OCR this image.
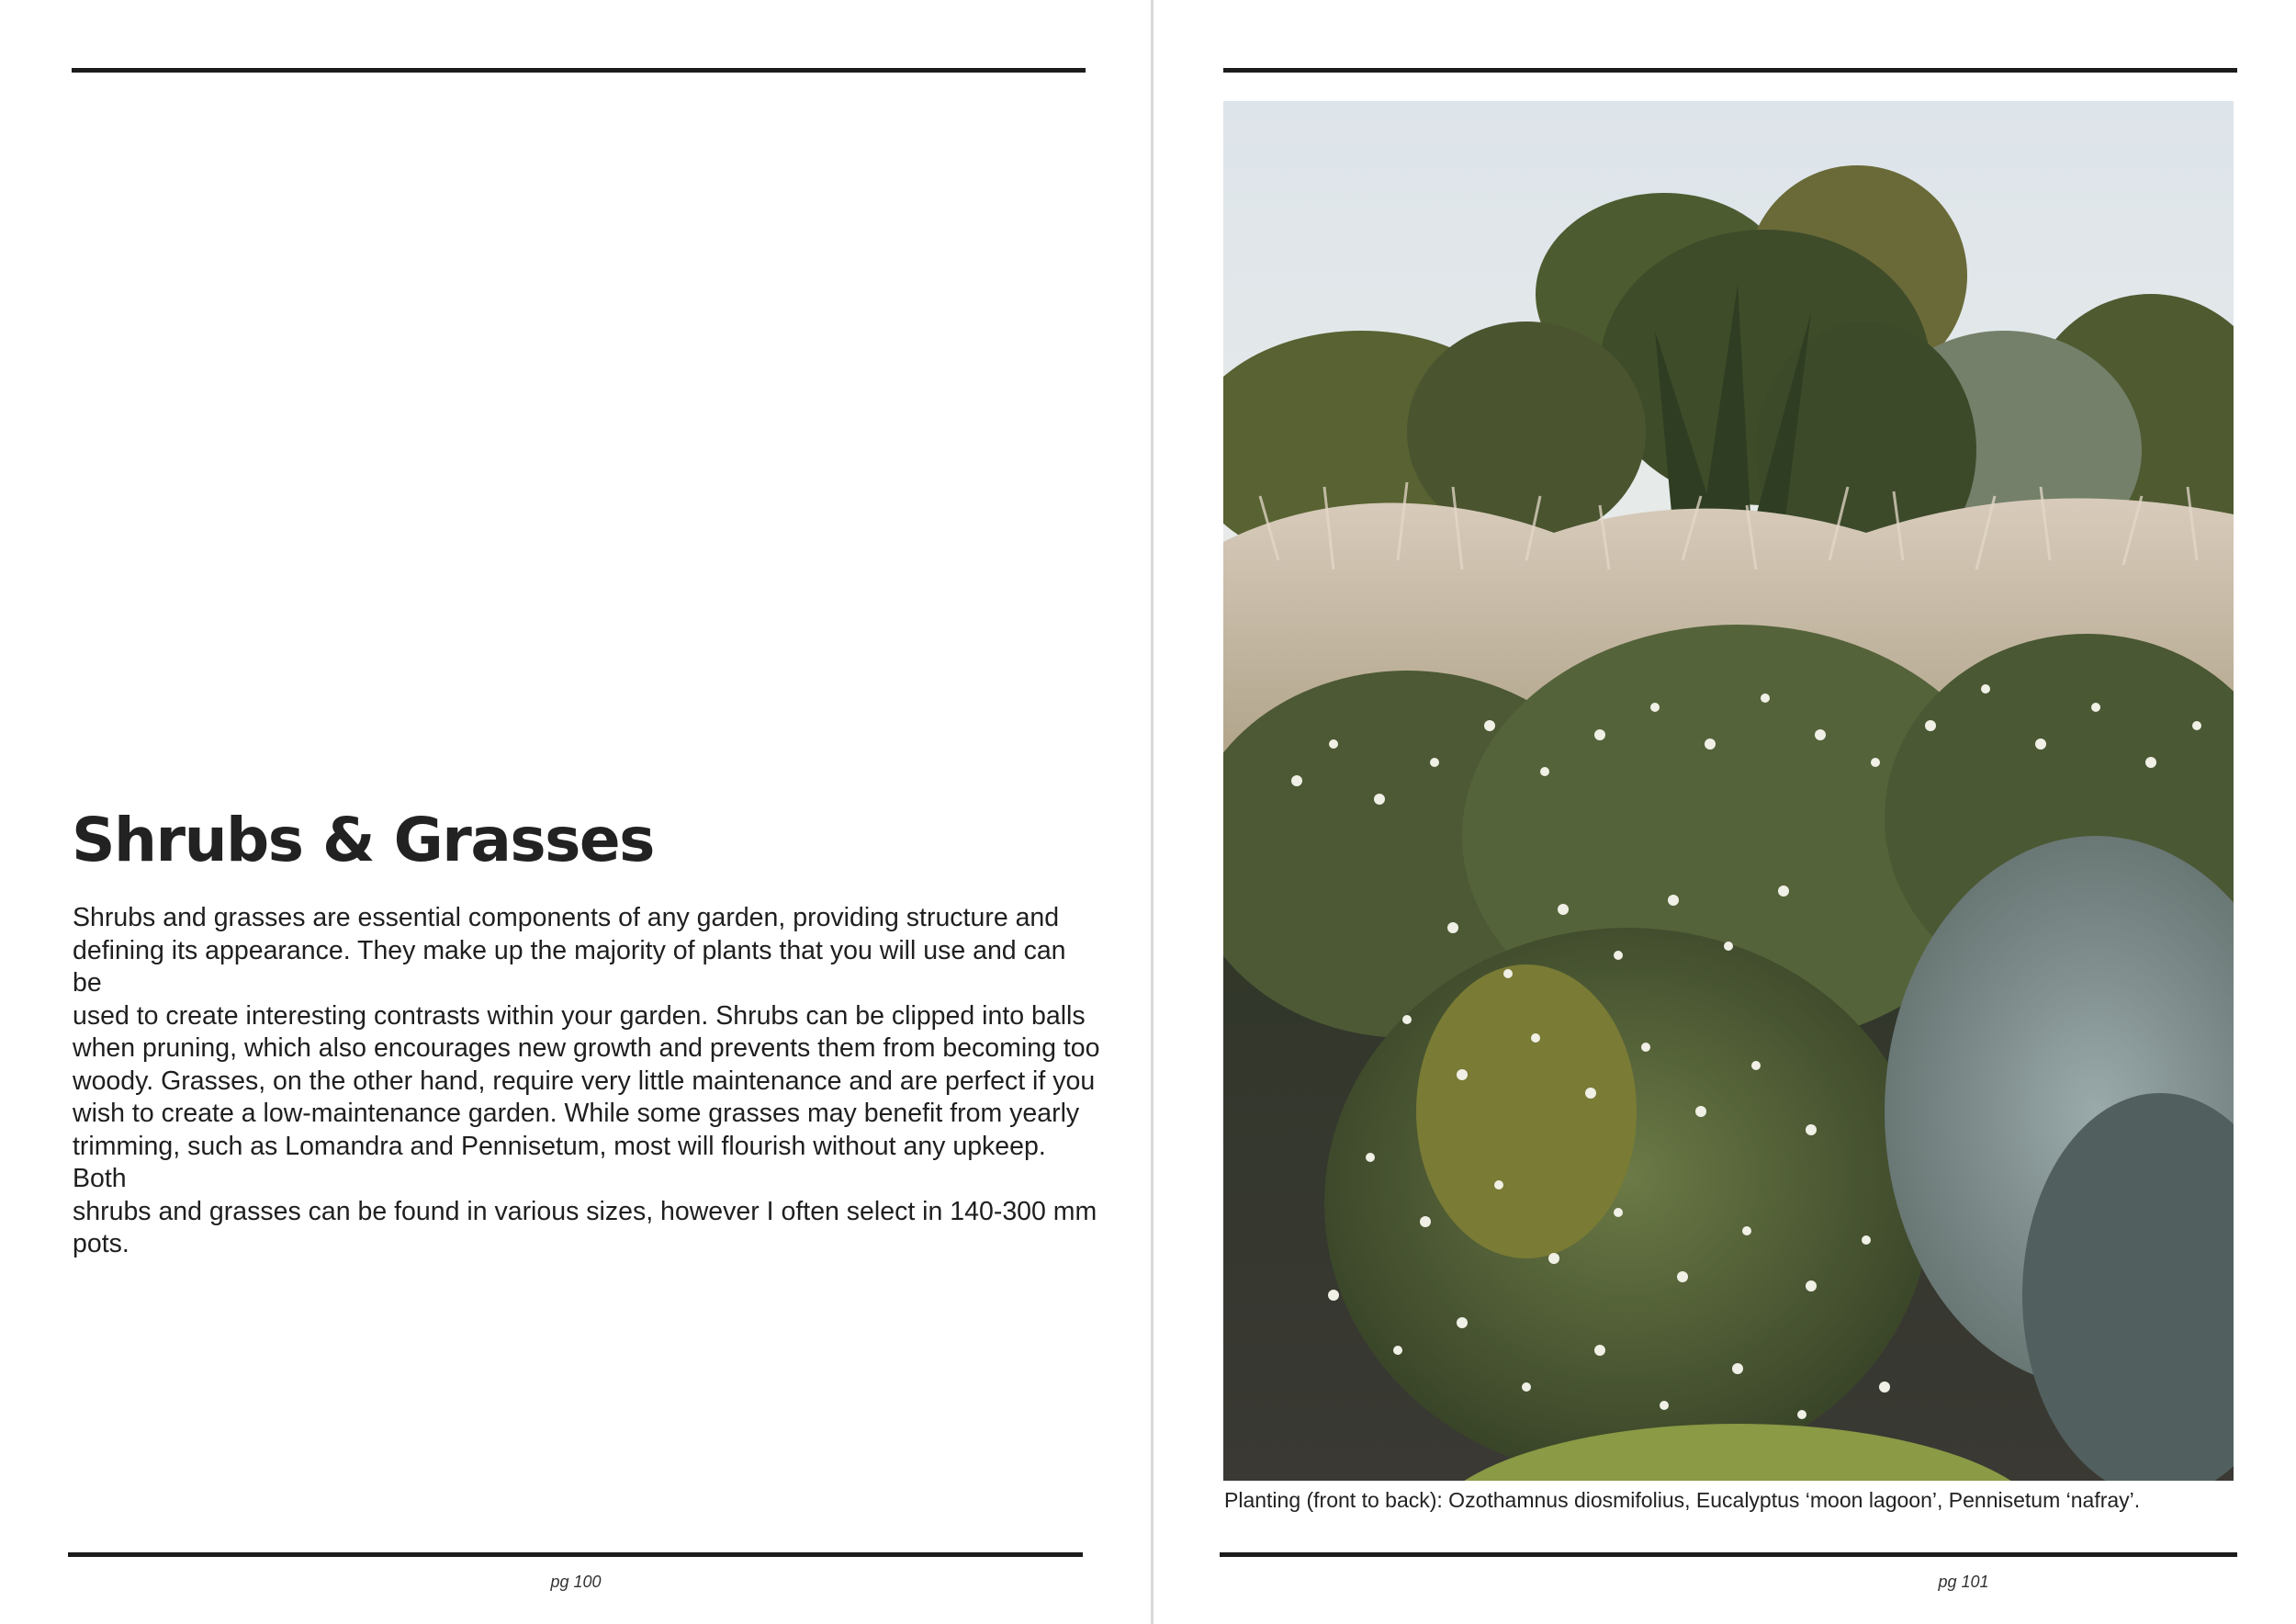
Shrubs & Grasses

Shrubs and grasses are essential components of any garden, providing structure and
defining its appearance. They make up the majority of plants that you will use and can be
used to create interesting contrasts within your garden. Shrubs can be clipped into balls
when pruning, which also encourages new growth and prevents them from becoming too
woody. Grasses, on the other hand, require very little maintenance and are perfect if you
wish to create a low-maintenance garden. While some grasses may benefit from yearly
trimming, such as Lomandra and Pennisetum, most will flourish without any upkeep. Both
shrubs and grasses can be found in various sizes, however I often select in 140-300 mm
pots.

pg 100

Planting (front to back): Ozothamnus diosmifolius, Eucalyptus ‘moon lagoon’, Pennisetum ‘nafray’.

pg 101
